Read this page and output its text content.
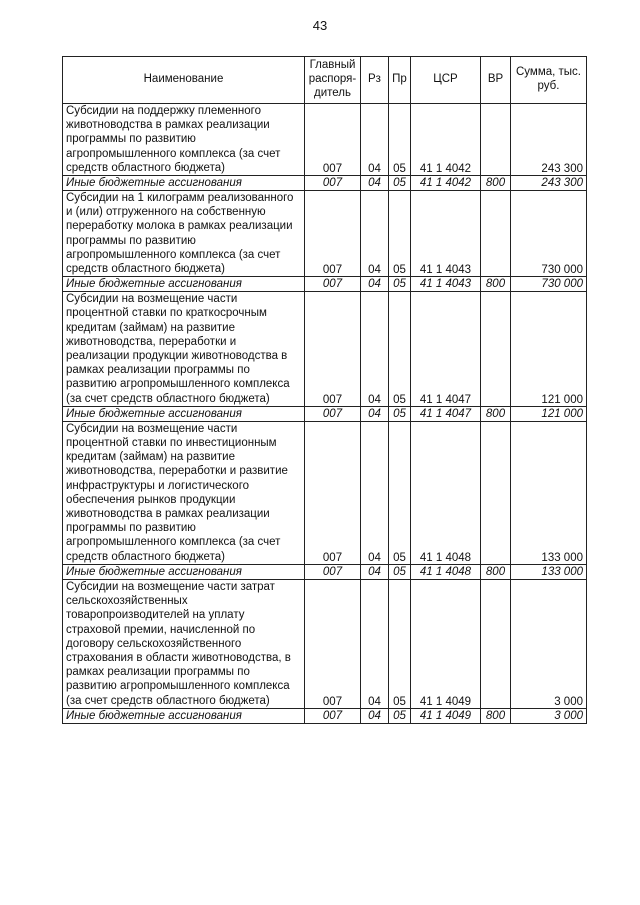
43
Наименование	Главный распоря-дитель	Рз	Пр	ЦСР	ВР	Сумма, тыс. руб.
Субсидии на поддержку племенного животноводства в рамках реализации программы по развитию агропромышленного комплекса (за счет средств областного бюджета)	007	04	05	41 1 4042		243 300
Иные бюджетные ассигнования	007	04	05	41 1 4042	800	243 300
Субсидии на 1 килограмм реализованного и (или) отгруженного на собственную переработку молока в рамках реализации программы по развитию агропромышленного комплекса (за счет средств областного бюджета)	007	04	05	41 1 4043		730 000
Иные бюджетные ассигнования	007	04	05	41 1 4043	800	730 000
Субсидии на возмещение части процентной ставки по краткосрочным кредитам (займам) на развитие животноводства, переработки и реализации продукции животноводства в рамках реализации программы по развитию агропромышленного комплекса (за счет средств областного бюджета)	007	04	05	41 1 4047		121 000
Иные бюджетные ассигнования	007	04	05	41 1 4047	800	121 000
Субсидии на возмещение части процентной ставки по инвестиционным кредитам (займам) на развитие животноводства, переработки и развитие инфраструктуры и логистического обеспечения рынков продукции животноводства в рамках реализации программы по развитию агропромышленного комплекса (за счет средств областного бюджета)	007	04	05	41 1 4048		133 000
Иные бюджетные ассигнования	007	04	05	41 1 4048	800	133 000
Субсидии на возмещение части затрат сельскохозяйственных товаропроизводителей на уплату страховой премии, начисленной по договору сельскохозяйственного страхования в области животноводства, в рамках реализации программы по развитию агропромышленного комплекса (за счет средств областного бюджета)	007	04	05	41 1 4049		3 000
Иные бюджетные ассигнования	007	04	05	41 1 4049	800	3 000
